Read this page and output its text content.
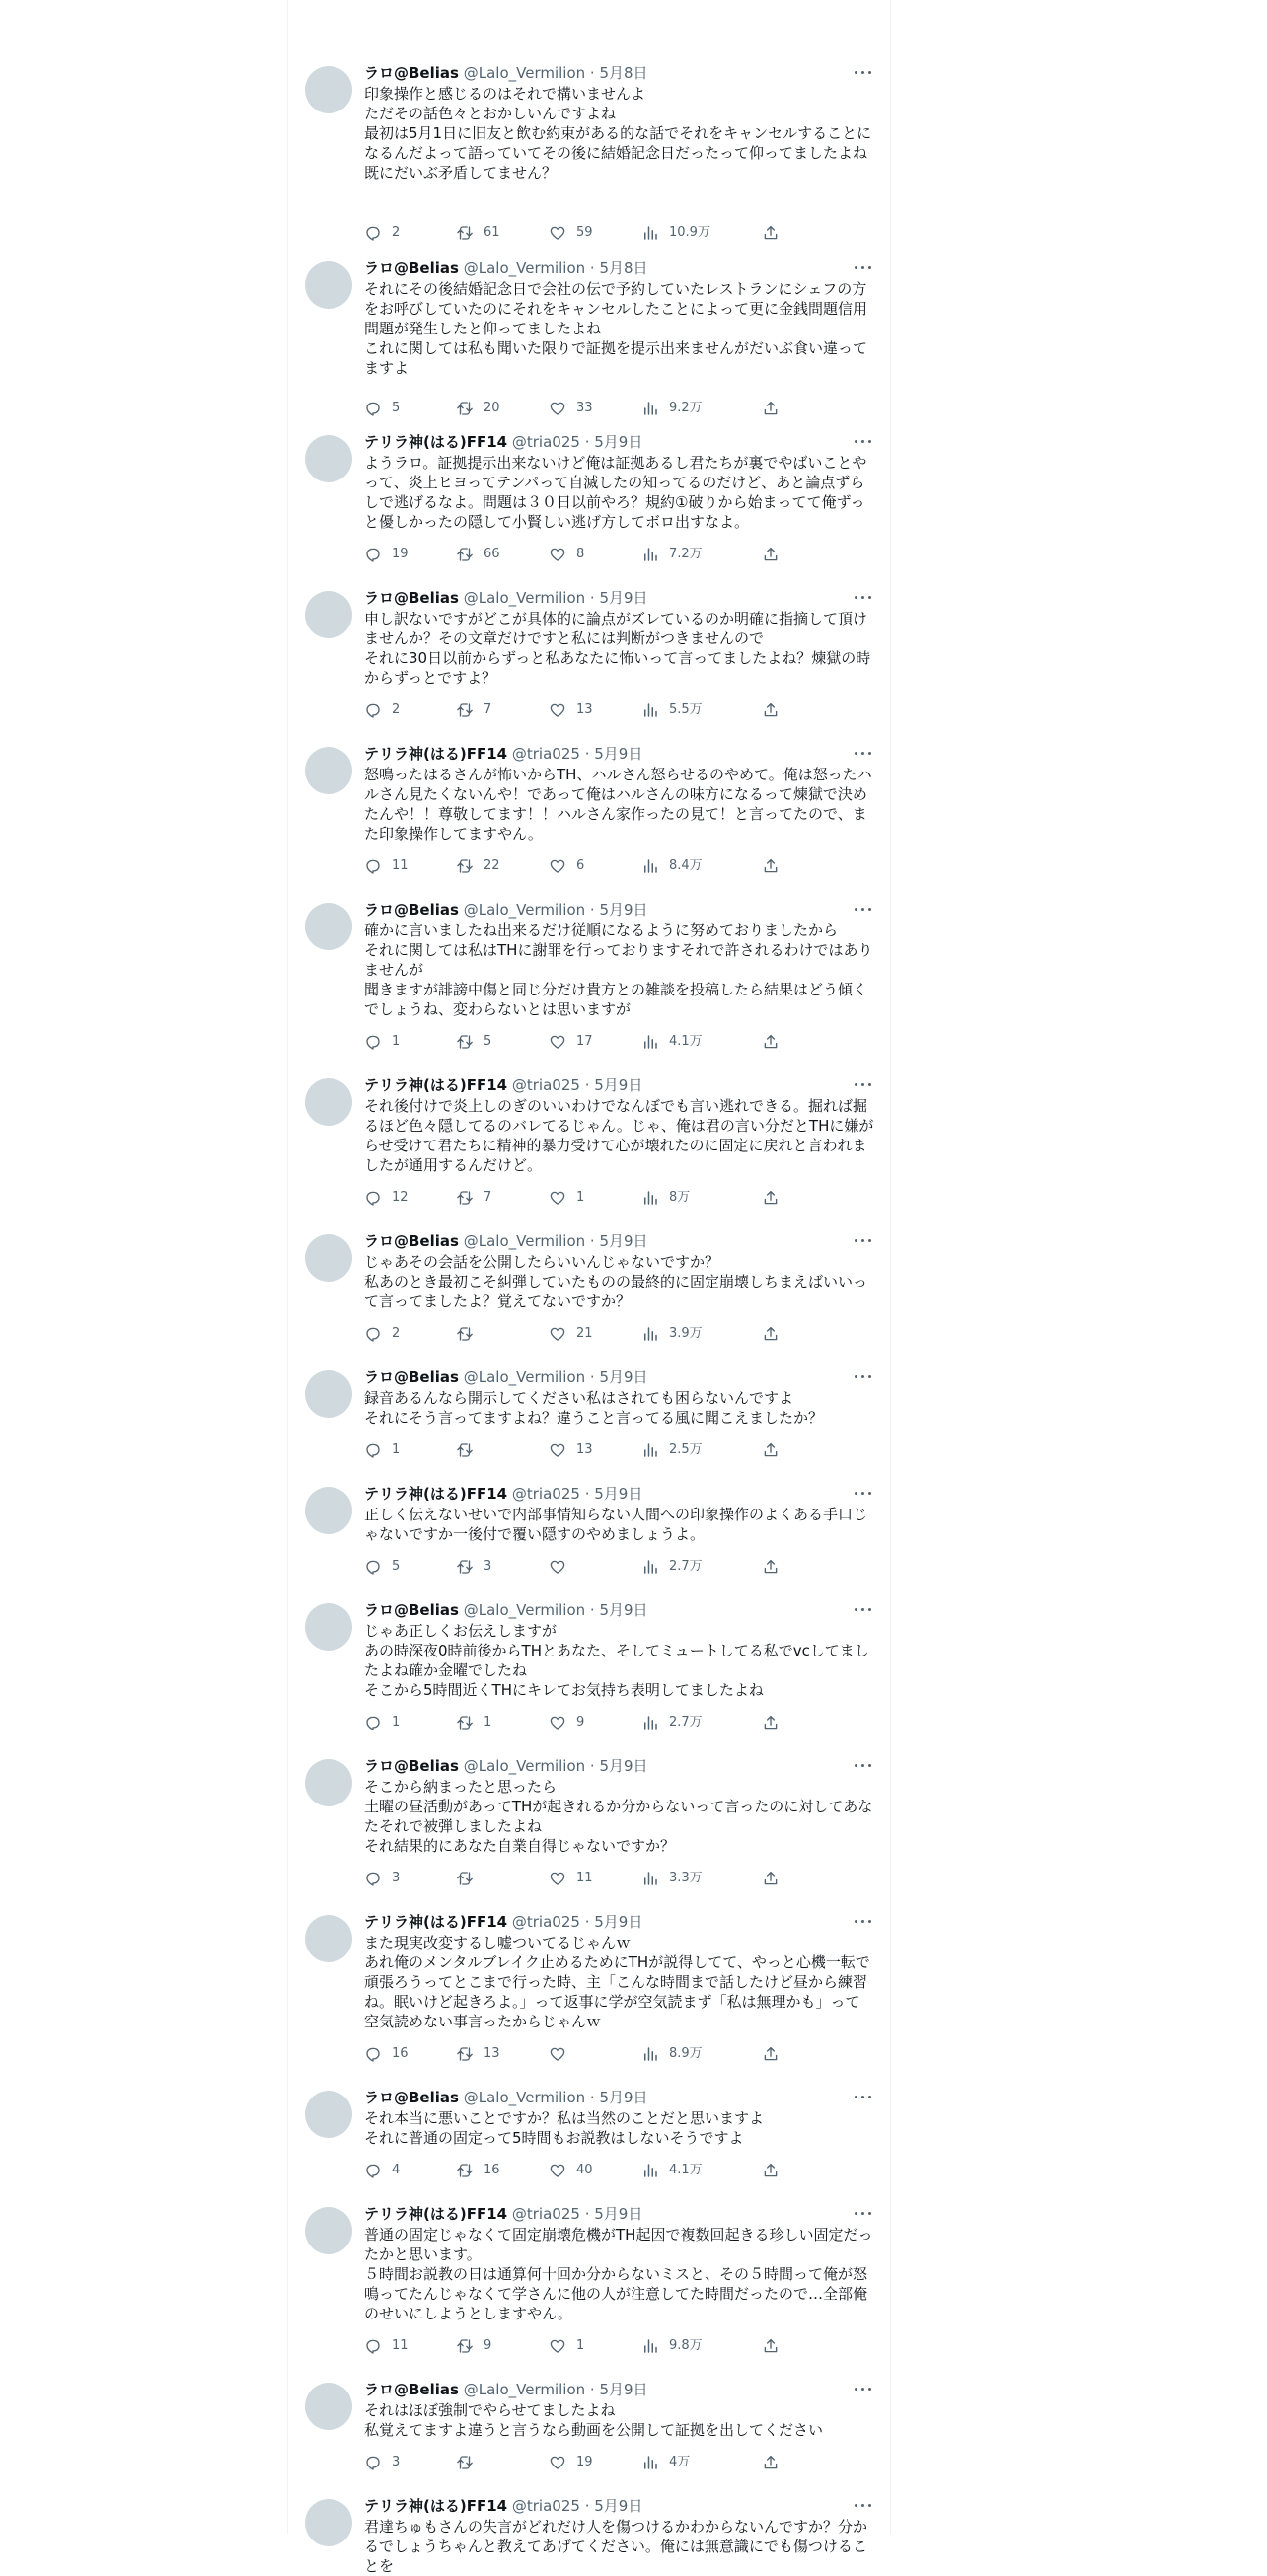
ラロ@Belias @Lalo_Vermilion · 5月8日
印象操作と感じるのはそれで構いませんよ
ただその話色々とおかしいんですよね
最初は5月1日に旧友と飲む約束がある的な話でそれをキャンセルすることになるんだよって語っていてその後に結婚記念日だったって仰ってましたよね
既にだいぶ矛盾してません？
2	61	59	10.9万
ラロ@Belias @Lalo_Vermilion · 5月8日
それにその後結婚記念日で会社の伝で予約していたレストランにシェフの方をお呼びしていたのにそれをキャンセルしたことによって更に金銭問題信用問題が発生したと仰ってましたよね
これに関しては私も聞いた限りで証拠を提示出来ませんがだいぶ食い違ってますよ
5	20	33	9.2万
テリラ神(はる)FF14 @tria025 · 5月9日
ようラロ。証拠提示出来ないけど俺は証拠あるし君たちが裏でやばいことやって、炎上ヒヨってテンパって自滅したの知ってるのだけど、あと論点ずらしで逃げるなよ。問題は３０日以前やろ？規約①破りから始まってて俺ずっと優しかったの隠して小賢しい逃げ方してボロ出すなよ。
19	66	8	7.2万
ラロ@Belias @Lalo_Vermilion · 5月9日
申し訳ないですがどこが具体的に論点がズレているのか明確に指摘して頂けませんか？その文章だけですと私には判断がつきませんので
それに30日以前からずっと私あなたに怖いって言ってましたよね？煉獄の時からずっとですよ？
2	7	13	5.5万
テリラ神(はる)FF14 @tria025 · 5月9日
怒鳴ったはるさんが怖いからTH、ハルさん怒らせるのやめて。俺は怒ったハルさん見たくないんや！であって俺はハルさんの味方になるって煉獄で決めたんや！！尊敬してます！！ハルさん家作ったの見て！と言ってたので、また印象操作してますやん。
11	22	6	8.4万
ラロ@Belias @Lalo_Vermilion · 5月9日
確かに言いましたね出来るだけ従順になるように努めておりましたから
それに関しては私はTHに謝罪を行っておりますそれで許されるわけではありませんが
聞きますが誹謗中傷と同じ分だけ貴方との雑談を投稿したら結果はどう傾くでしょうね、変わらないとは思いますが
1	5	17	4.1万
テリラ神(はる)FF14 @tria025 · 5月9日
それ後付けで炎上しのぎのいいわけでなんぼでも言い逃れできる。掘れば掘るほど色々隠してるのバレてるじゃん。じゃ、俺は君の言い分だとTHに嫌がらせ受けて君たちに精神的暴力受けて心が壊れたのに固定に戻れと言われましたが通用するんだけど。
12	7	1	8万
ラロ@Belias @Lalo_Vermilion · 5月9日
じゃあその会話を公開したらいいんじゃないですか？
私あのとき最初こそ糾弾していたものの最終的に固定崩壊しちまえばいいって言ってましたよ？覚えてないですか？
2	21	3.9万
ラロ@Belias @Lalo_Vermilion · 5月9日
録音あるんなら開示してください私はされても困らないんですよ
それにそう言ってますよね？違うこと言ってる風に聞こえましたか？
1	13	2.5万
テリラ神(はる)FF14 @tria025 · 5月9日
正しく伝えないせいで内部事情知らない人間への印象操作のよくある手口じゃないですか一後付で覆い隠すのやめましょうよ。
5	3	2.7万
ラロ@Belias @Lalo_Vermilion · 5月9日
じゃあ正しくお伝えしますが
あの時深夜0時前後からTHとあなた、そしてミュートしてる私でvcしてましたよね確か金曜でしたね
そこから5時間近くTHにキレてお気持ち表明してましたよね
1	1	9	2.7万
ラロ@Belias @Lalo_Vermilion · 5月9日
そこから納まったと思ったら
土曜の昼活動があってTHが起きれるか分からないって言ったのに対してあなたそれで被弾しましたよね
それ結果的にあなた自業自得じゃないですか？
3	11	3.3万
テリラ神(はる)FF14 @tria025 · 5月9日
また現実改変するし嘘ついてるじゃんｗ
あれ俺のメンタルブレイク止めるためにTHが説得してて、やっと心機一転で頑張ろうってとこまで行った時、主「こんな時間まで話したけど昼から練習ね。眠いけど起きろよ。」って返事に学が空気読まず「私は無理かも」って空気読めない事言ったからじゃんｗ
16	13	8.9万
ラロ@Belias @Lalo_Vermilion · 5月9日
それ本当に悪いことですか？私は当然のことだと思いますよ
それに普通の固定って5時間もお説教はしないそうですよ
4	16	40	4.1万
テリラ神(はる)FF14 @tria025 · 5月9日
普通の固定じゃなくて固定崩壊危機がTH起因で複数回起きる珍しい固定だったかと思います。
５時間お説教の日は通算何十回か分からないミスと、その５時間って俺が怒鳴ってたんじゃなくて学さんに他の人が注意してた時間だったので…全部俺のせいにしようとしますやん。
11	9	1	9.8万
ラロ@Belias @Lalo_Vermilion · 5月9日
それはほぼ強制でやらせてましたよね
私覚えてますよ違うと言うなら動画を公開して証拠を出してください
3	19	4万
テリラ神(はる)FF14 @tria025 · 5月9日
君達ちゅもさんの失言がどれだけ人を傷つけるかわからないんですか？分かるでしょうちゃんと教えてあげてください。俺には無意識にでも傷つけることを
